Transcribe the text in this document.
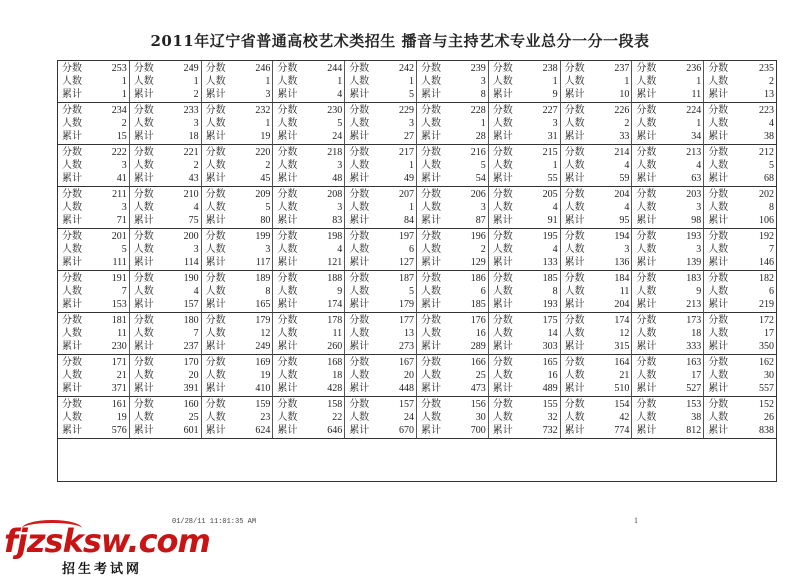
2011年辽宁省普通高校艺术类招生 播音与主持艺术专业总分一分一段表
分数	253
人数	1
累计	1
分数	249
人数	1
累计	2
分数	246
人数	1
累计	3
分数	244
人数	1
累计	4
分数	242
人数	1
累计	5
分数	239
人数	3
累计	8
分数	238
人数	1
累计	9
分数	237
人数	1
累计	10
分数	236
人数	1
累计	11
分数	235
人数	2
累计	13
分数	234
人数	2
累计	15
分数	233
人数	3
累计	18
分数	232
人数	1
累计	19
分数	230
人数	5
累计	24
分数	229
人数	3
累计	27
分数	228
人数	1
累计	28
分数	227
人数	3
累计	31
分数	226
人数	2
累计	33
分数	224
人数	1
累计	34
分数	223
人数	4
累计	38
分数	222
人数	3
累计	41
分数	221
人数	2
累计	43
分数	220
人数	2
累计	45
分数	218
人数	3
累计	48
分数	217
人数	1
累计	49
分数	216
人数	5
累计	54
分数	215
人数	1
累计	55
分数	214
人数	4
累计	59
分数	213
人数	4
累计	63
分数	212
人数	5
累计	68
分数	211
人数	3
累计	71
分数	210
人数	4
累计	75
分数	209
人数	5
累计	80
分数	208
人数	3
累计	83
分数	207
人数	1
累计	84
分数	206
人数	3
累计	87
分数	205
人数	4
累计	91
分数	204
人数	4
累计	95
分数	203
人数	3
累计	98
分数	202
人数	8
累计	106
分数	201
人数	5
累计	111
分数	200
人数	3
累计	114
分数	199
人数	3
累计	117
分数	198
人数	4
累计	121
分数	197
人数	6
累计	127
分数	196
人数	2
累计	129
分数	195
人数	4
累计	133
分数	194
人数	3
累计	136
分数	193
人数	3
累计	139
分数	192
人数	7
累计	146
分数	191
人数	7
累计	153
分数	190
人数	4
累计	157
分数	189
人数	8
累计	165
分数	188
人数	9
累计	174
分数	187
人数	5
累计	179
分数	186
人数	6
累计	185
分数	185
人数	8
累计	193
分数	184
人数	11
累计	204
分数	183
人数	9
累计	213
分数	182
人数	6
累计	219
分数	181
人数	11
累计	230
分数	180
人数	7
累计	237
分数	179
人数	12
累计	249
分数	178
人数	11
累计	260
分数	177
人数	13
累计	273
分数	176
人数	16
累计	289
分数	175
人数	14
累计	303
分数	174
人数	12
累计	315
分数	173
人数	18
累计	333
分数	172
人数	17
累计	350
分数	171
人数	21
累计	371
分数	170
人数	20
累计	391
分数	169
人数	19
累计	410
分数	168
人数	18
累计	428
分数	167
人数	20
累计	448
分数	166
人数	25
累计	473
分数	165
人数	16
累计	489
分数	164
人数	21
累计	510
分数	163
人数	17
累计	527
分数	162
人数	30
累计	557
分数	161
人数	19
累计	576
分数	160
人数	25
累计	601
分数	159
人数	23
累计	624
分数	158
人数	22
累计	646
分数	157
人数	24
累计	670
分数	156
人数	30
累计	700
分数	155
人数	32
累计	732
分数	154
人数	42
累计	774
分数	153
人数	38
累计	812
分数	152
人数	26
累计	838
01/28/11 11:01:35 AM	1
fjzsksw.com
招生考试网
